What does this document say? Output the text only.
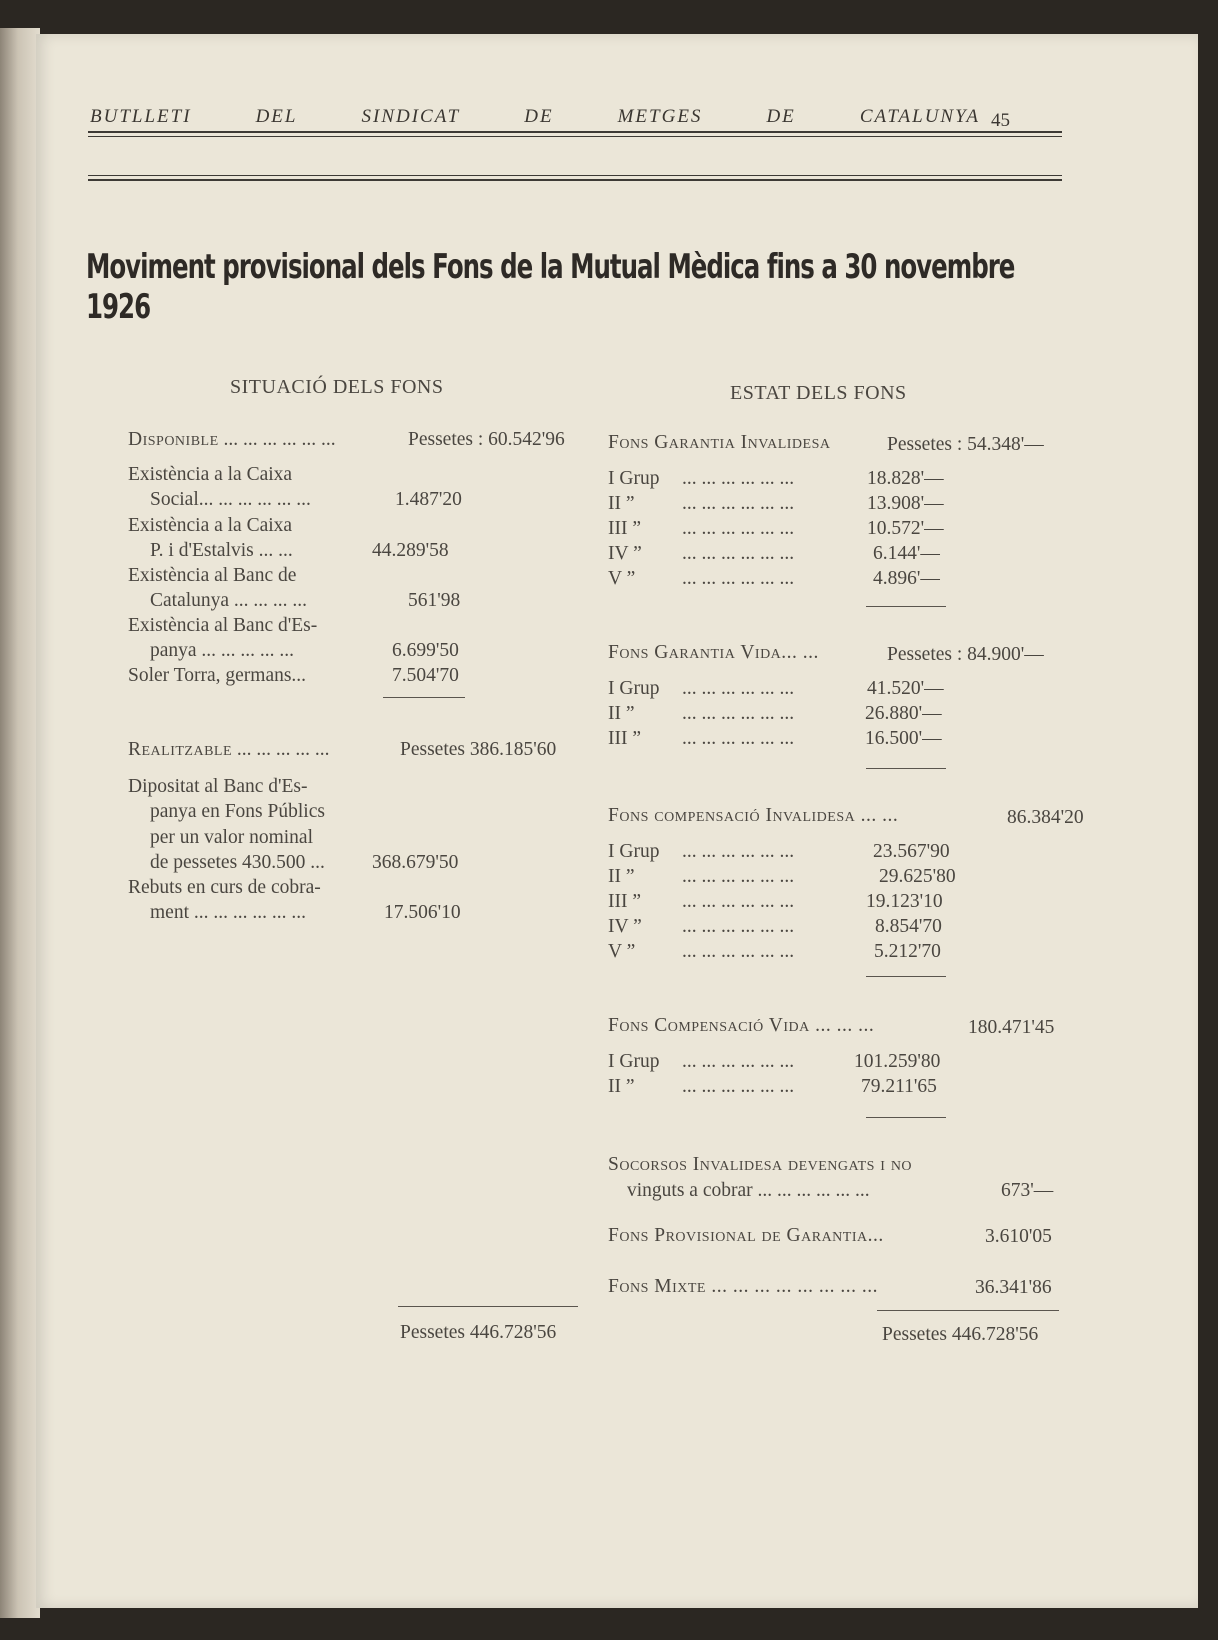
BUTLLETI	DEL	SINDICAT	DE	METGES	DE	CATALUNYA 45
Moviment provisional dels Fons de la Mutual Mèdica fins a 30 novembre 1926
SITUACIÓ DELS FONS
Disponible ... ... ... ... ... ...	Pessetes : 60.542'96
Existència a la Caixa
Social... ... ... ... ... ...	1.487'20
Existència a la Caixa
P. i d'Estalvis ... ...	44.289'58
Existència al Banc de
Catalunya ... ... ... ...	561'98
Existència al Banc d'Es-
panya ... ... ... ... ...	6.699'50
Soler Torra, germans...	7.504'70
Realitzable ... ... ... ... ...	Pessetes 386.185'60
Dipositat al Banc d'Es-
panya en Fons Públics
per un valor nominal
de pessetes 430.500 ... 368.679'50
Rebuts en curs de cobra-
ment ... ... ... ... ... ...	17.506'10
Pessetes 446.728'56
ESTAT DELS FONS
Fons Garantia Invalidesa	Pessetes : 54.348'—
I Grup ... ... ... ... ... ...	18.828'—
II ” ... ... ... ... ... ...	13.908'—
III ” ... ... ... ... ... ...	10.572'—
IV ” ... ... ... ... ... ...	6.144'—
V ” ... ... ... ... ... ...	4.896'—
Fons Garantia Vida... ...	Pessetes : 84.900'—
I Grup ... ... ... ... ... ...	41.520'—
II ” ... ... ... ... ... ...	26.880'—
III ” ... ... ... ... ... ...	16.500'—
Fons compensació Invalidesa ... ...	86.384'20
I Grup ... ... ... ... ... ...	23.567'90
II ” ... ... ... ... ... ...	29.625'80
III ” ... ... ... ... ... ...	19.123'10
IV ” ... ... ... ... ... ...	8.854'70
V ” ... ... ... ... ... ...	5.212'70
Fons Compensació Vida ... ... ...	180.471'45
I Grup ... ... ... ... ... ...	101.259'80
II ” ... ... ... ... ... ...	79.211'65
Socorsos Invalidesa devengats i no
vinguts a cobrar ... ... ... ... ... ...	673'—
Fons Provisional de Garantia...	3.610'05
Fons Mixte ... ... ... ... ... ... ... ...	36.341'86
Pessetes 446.728'56
